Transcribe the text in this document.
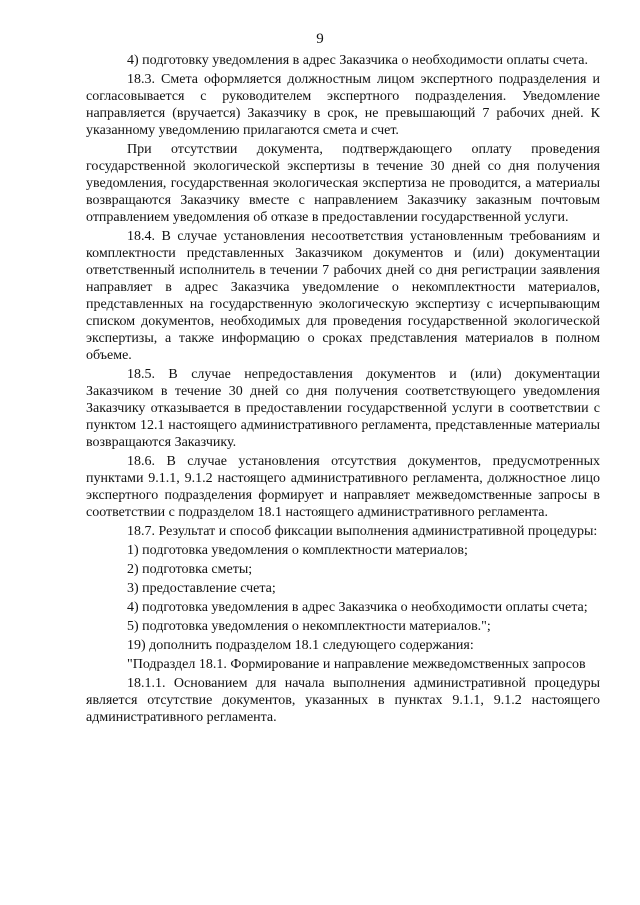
9

4) подготовку уведомления в адрес Заказчика о необходимости оплаты счета.

18.3. Смета оформляется должностным лицом экспертного подразделения и согласовывается с руководителем экспертного подразделения. Уведомление направляется (вручается) Заказчику в срок, не превышающий 7 рабочих дней. К указанному уведомлению прилагаются смета и счет.

При отсутствии документа, подтверждающего оплату проведения государственной экологической экспертизы в течение 30 дней со дня получения уведомления, государственная экологическая экспертиза не проводится, а материалы возвращаются Заказчику вместе с направлением Заказчику заказным почтовым отправлением уведомления об отказе в предоставлении государственной услуги.

18.4. В случае установления несоответствия установленным требованиям и комплектности представленных Заказчиком документов и (или) документации ответственный исполнитель в течении 7 рабочих дней со дня регистрации заявления направляет в адрес Заказчика уведомление о некомплектности материалов, представленных на государственную экологическую экспертизу с исчерпывающим списком документов, необходимых для проведения государственной экологической экспертизы, а также информацию о сроках представления материалов в полном объеме.

18.5. В случае непредоставления документов и (или) документации Заказчиком в течение 30 дней со дня получения соответствующего уведомления Заказчику отказывается в предоставлении государственной услуги в соответствии с пунктом 12.1 настоящего административного регламента, представленные материалы возвращаются Заказчику.

18.6. В случае установления отсутствия документов, предусмотренных пунктами 9.1.1, 9.1.2 настоящего административного регламента, должностное лицо экспертного подразделения формирует и направляет межведомственные запросы в соответствии с подразделом 18.1 настоящего административного регламента.

18.7. Результат и способ фиксации выполнения административной процедуры:

1) подготовка уведомления о комплектности материалов;

2) подготовка сметы;

3) предоставление счета;

4) подготовка уведомления в адрес Заказчика о необходимости оплаты счета;

5) подготовка уведомления о некомплектности материалов.";

19) дополнить подразделом 18.1 следующего содержания:

"Подраздел 18.1. Формирование и направление межведомственных запросов

18.1.1. Основанием для начала выполнения административной процедуры является отсутствие документов, указанных в пунктах 9.1.1, 9.1.2 настоящего административного регламента.
